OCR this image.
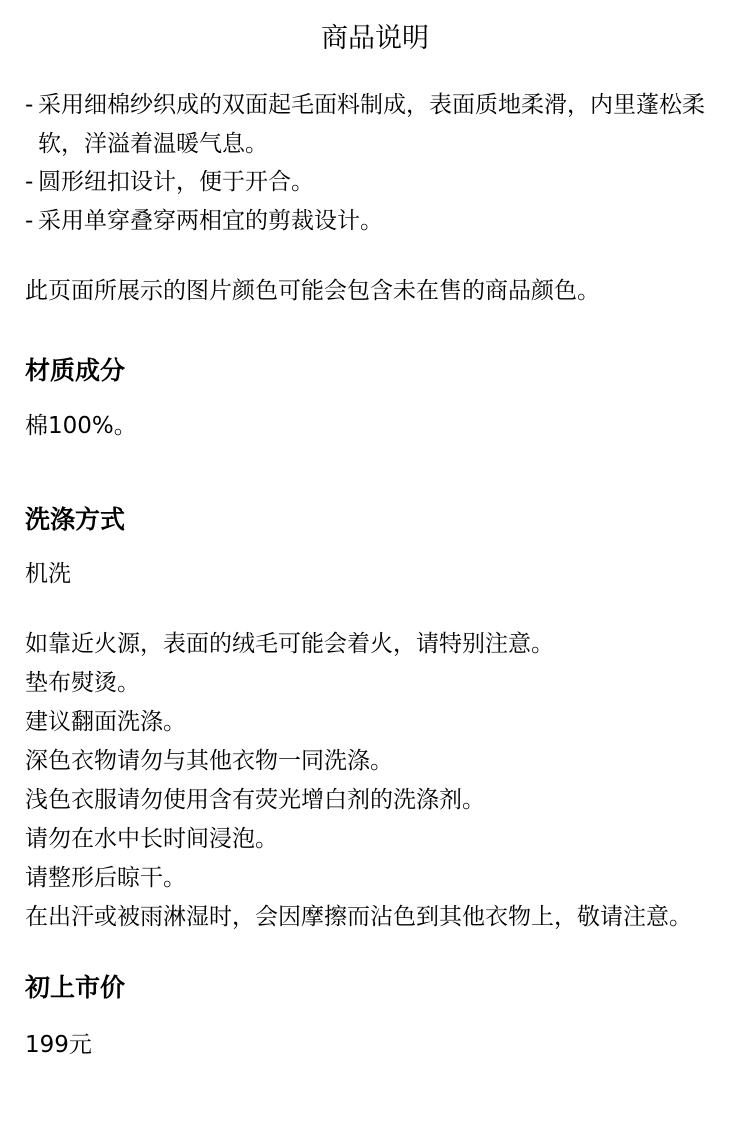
商品说明
- 采用细棉纱织成的双面起毛面料制成，表面质地柔滑，内里蓬松柔软，洋溢着温暖气息。
- 圆形纽扣设计，便于开合。
- 采用单穿叠穿两相宜的剪裁设计。

此页面所展示的图片颜色可能会包含未在售的商品颜色。

材质成分

棉100%。

洗涤方式

机洗

如靠近火源，表面的绒毛可能会着火，请特别注意。
垫布熨烫。
建议翻面洗涤。
深色衣物请勿与其他衣物一同洗涤。
浅色衣服请勿使用含有荧光增白剂的洗涤剂。
请勿在水中长时间浸泡。
请整形后晾干。
在出汗或被雨淋湿时，会因摩擦而沾色到其他衣物上，敬请注意。
初上市价

199元
